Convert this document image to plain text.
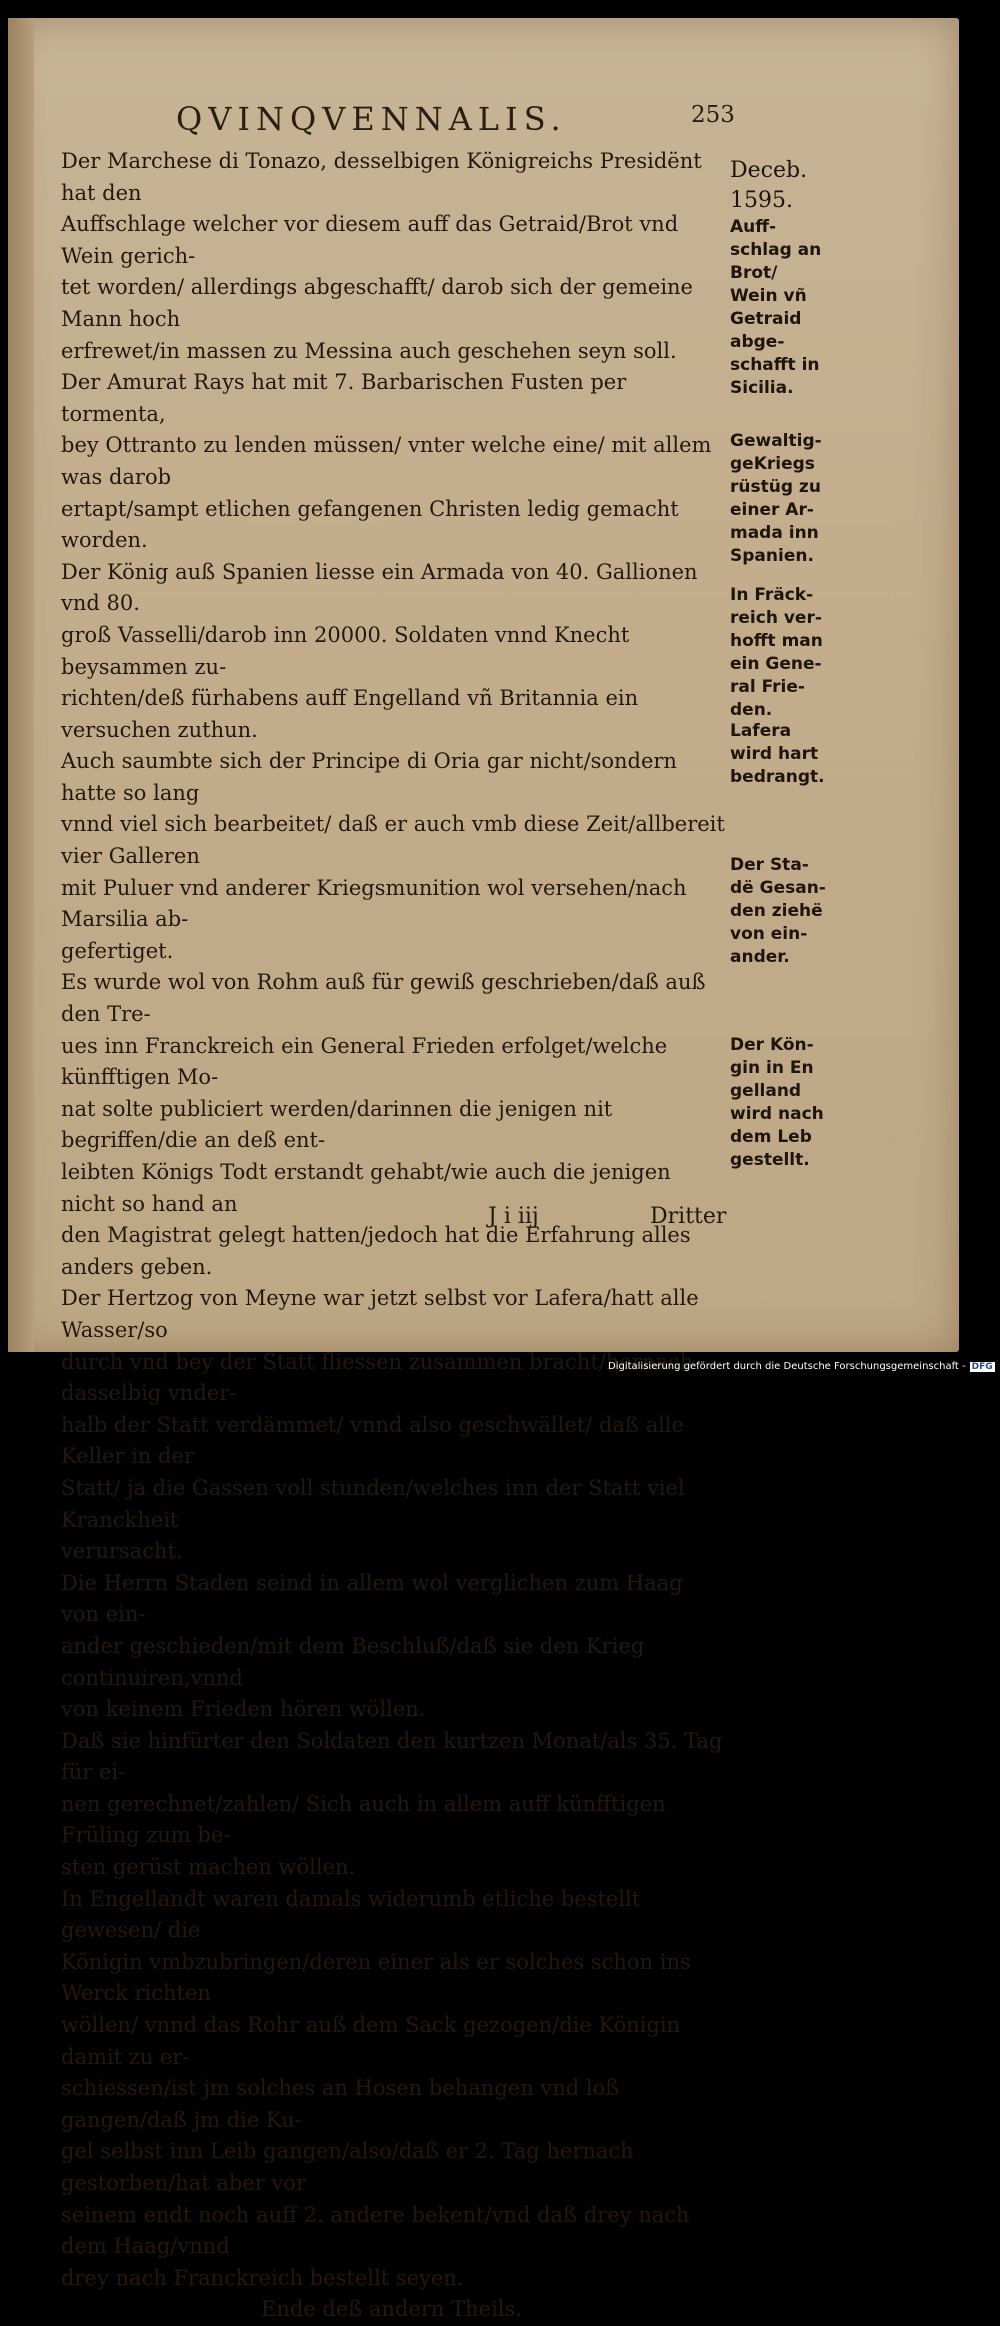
QVINQVENNALIS.	253

Der Marchese di Tonazo, desselbigen Königreichs Presidënt hat den
Auffschlage welcher vor diesem auff das Getraid/Brot vnd Wein gerich-
tet worden/ allerdings abgeschafft/ darob sich der gemeine Mann hoch
erfrewet/in massen zu Messina auch geschehen seyn soll.

Der Amurat Rays hat mit 7. Barbarischen Fusten per tormenta,
bey Ottranto zu lenden müssen/ vnter welche eine/ mit allem was darob
ertapt/sampt etlichen gefangenen Christen ledig gemacht worden.

Der König auß Spanien liesse ein Armada von 40. Gallionen vnd 80.
groß Vasselli/darob inn 20000. Soldaten vnnd Knecht beysammen zu-
richten/deß fürhabens auff Engelland vñ Britannia ein versuchen zuthun.

Auch saumbte sich der Principe di Oria gar nicht/sondern hatte so lang
vnnd viel sich bearbeitet/ daß er auch vmb diese Zeit/allbereit vier Galleren
mit Puluer vnd anderer Kriegsmunition wol versehen/nach Marsilia ab-
gefertiget.

Es wurde wol von Rohm auß für gewiß geschrieben/daß auß den Tre-
ues inn Franckreich ein General Frieden erfolget/welche künfftigen Mo-
nat solte publiciert werden/darinnen die jenigen nit begriffen/die an deß ent-
leibten Königs Todt erstandt gehabt/wie auch die jenigen nicht so hand an
den Magistrat gelegt hatten/jedoch hat die Erfahrung alles anders geben.

Der Hertzog von Meyne war jetzt selbst vor Lafera/hatt alle Wasser/so
durch vnd bey der Statt fliessen zusammen bracht/hernach dasselbig vnder-
halb der Statt verdämmet/ vnnd also geschwället/ daß alle Keller in der
Statt/ ja die Gassen voll stunden/welches inn der Statt viel Kranckheit
verursacht.

Die Herrn Staden seind in allem wol verglichen zum Haag von ein-
ander geschieden/mit dem Beschluß/daß sie den Krieg continuiren,vnnd
von keinem Frieden hören wöllen.

Daß sie hinfürter den Soldaten den kurtzen Monat/als 35. Tag für ei-
nen gerechnet/zahlen/ Sich auch in allem auff künfftigen Früling zum be-
sten gerüst machen wöllen.

In Engellandt waren damals widerumb etliche bestellt gewesen/ die
Königin vmbzubringen/deren einer als er solches schon ins Werck richten
wöllen/ vnnd das Rohr auß dem Sack gezogen/die Königin damit zu er-
schiessen/ist jm solches an Hosen behangen vnd loß gangen/daß jm die Ku-
gel selbst inn Leib gangen/also/daß er 2. Tag hernach gestorben/hat aber vor
seinem endt noch auff 2. andere bekent/vnd daß drey nach dem Haag/vnnd
drey nach Franckreich bestellt seyen.

Ende deß andern Theils.

Deceb.
1595.

Auff-
schlag an
Brot/
Wein vñ
Getraid
abge-
schafft in
Sicilia.

Gewaltig-
geKriegs
rüstüg zu
einer Ar-
mada inn
Spanien.

In Fräck-
reich ver-
hofft man
ein Gene-
ral Frie-
den.

Lafera
wird hart
bedrangt.

Der Sta-
dë Gesan-
den ziehë
von ein-
ander.

Der Kön-
gin in En
gelland
wird nach
dem Leb
gestellt.

J i iij	Dritter
Digitalisierung gefördert durch die Deutsche Forschungsgemeinschaft - DFG
